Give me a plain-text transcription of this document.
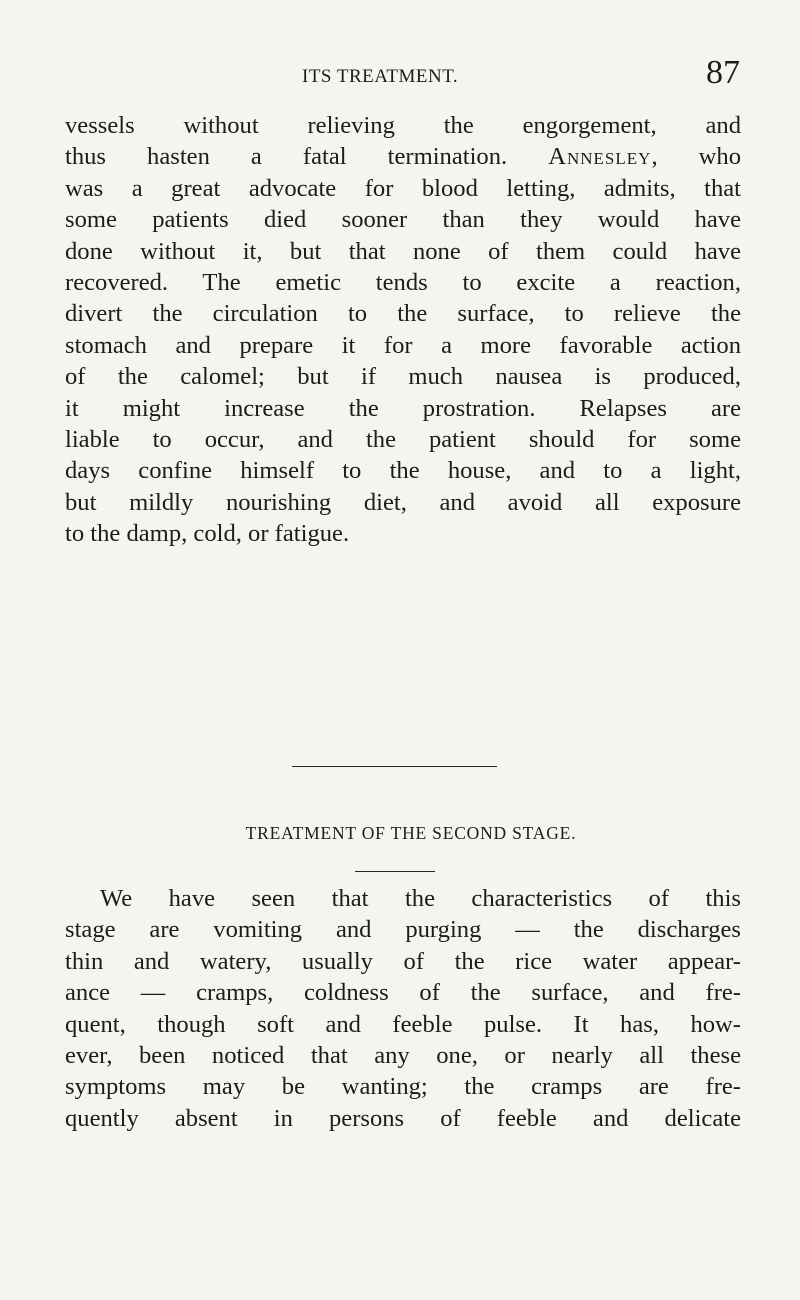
ITS TREATMENT.	87

vessels without relieving the engorgement, and
thus hasten a fatal termination. Annesley, who
was a great advocate for blood letting, admits, that
some patients died sooner than they would have
done without it, but that none of them could have
recovered. The emetic tends to excite a reaction,
divert the circulation to the surface, to relieve the
stomach and prepare it for a more favorable action
of the calomel; but if much nausea is produced,
it might increase the prostration. Relapses are
liable to occur, and the patient should for some
days confine himself to the house, and to a light,
but mildly nourishing diet, and avoid all exposure
to the damp, cold, or fatigue.

TREATMENT OF THE SECOND STAGE.

We have seen that the characteristics of this
stage are vomiting and purging — the discharges
thin and watery, usually of the rice water appear-
ance — cramps, coldness of the surface, and fre-
quent, though soft and feeble pulse. It has, how-
ever, been noticed that any one, or nearly all these
symptoms may be wanting; the cramps are fre-
quently absent in persons of feeble and delicate
